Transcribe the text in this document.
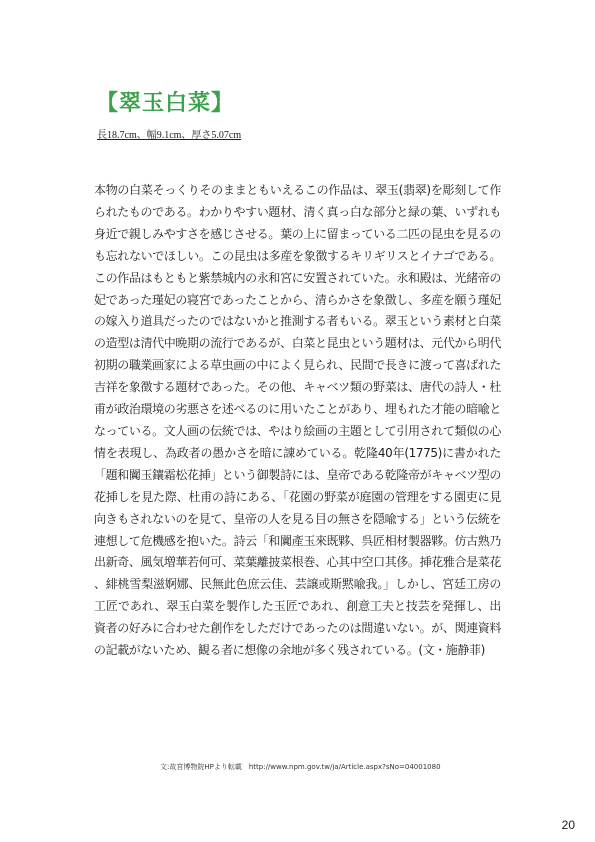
【翠玉白菜】
長18.7cm、幅9.1cm、厚さ5.07cm

本物の白菜そっくりそのままともいえるこの作品は、翠玉(翡翠)を彫刻して作られたものである。わかりやすい題材、清く真っ白な部分と緑の葉、いずれも身近で親しみやすさを感じさせる。葉の上に留まっている二匹の昆虫を見るのも忘れないでほしい。この昆虫は多産を象徴するキリギリスとイナゴである。この作品はもともと紫禁城内の永和宮に安置されていた。永和殿は、光緒帝の妃であった瑾妃の寝宮であったことから、清らかさを象徴し、多産を願う瑾妃の嫁入り道具だったのではないかと推測する者もいる。翠玉という素材と白菜の造型は清代中晩期の流行であるが、白菜と昆虫という題材は、元代から明代初期の職業画家による草虫画の中によく見られ、民間で長きに渡って喜ばれた吉祥を象徴する題材であった。その他、キャベツ類の野菜は、唐代の詩人・杜甫が政治環境の劣悪さを述べるのに用いたことがあり、埋もれた才能の暗喩となっている。文人画の伝統では、やはり絵画の主題として引用されて類似の心情を表現し、為政者の愚かさを暗に諌めている。乾隆40年(1775)に書かれた「題和闐玉鑲霜松花挿」という御製詩には、皇帝である乾隆帝がキャベツ型の花挿しを見た際、杜甫の詩にある、「花園の野菜が庭園の管理をする園吏に見向きもされないのを見て、皇帝の人を見る目の無さを隠喩する」という伝統を連想して危機感を抱いた。詩云「和闐產玉來既夥、呉匠相材製器夥。仿古熟乃出新奇、風気増華若何可、菜葉離披菜根巻、心其中空口其侈。挿花雅合是菜花、緋桃雪梨滋婀娜、民無此色庶云佳、芸譲或斯黙喩我。」しかし、宮廷工房の工匠であれ、翠玉白菜を製作した玉匠であれ、創意工夫と技芸を発揮し、出資者の好みに合わせた創作をしただけであったのは間違いない。が、関連資料の記載がないため、観る者に想像の余地が多く残されている。(文・施静菲)

文:故宮博物院HPより転載　http://www.npm.gov.tw/ja/Article.aspx?sNo=04001080
20
